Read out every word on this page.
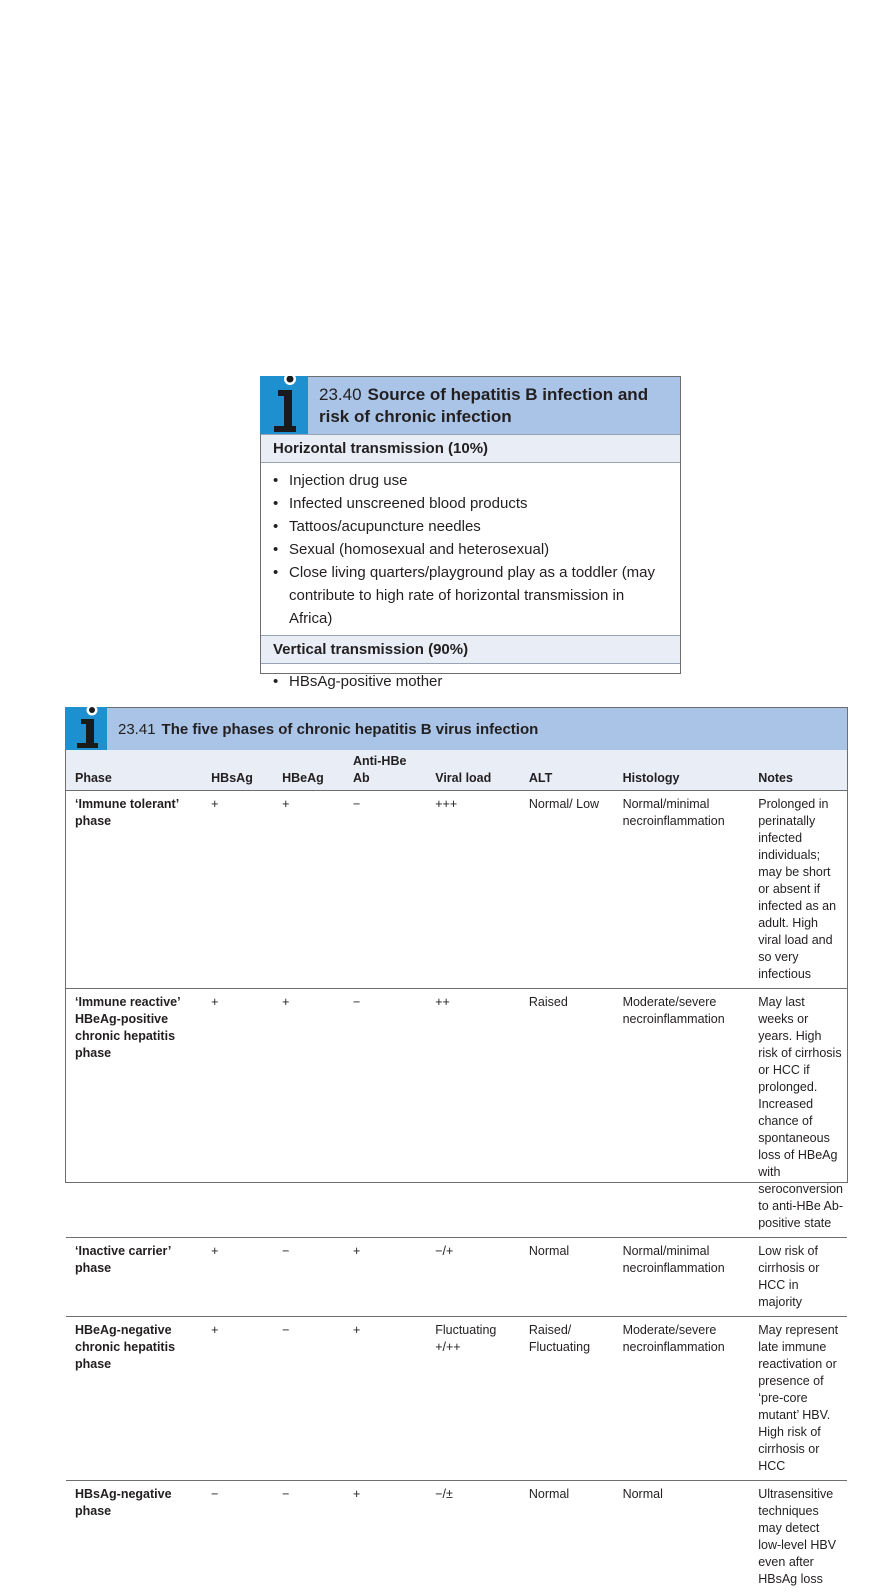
23.40 Source of hepatitis B infection and risk of chronic infection
Horizontal transmission (10%)
• Injection drug use
• Infected unscreened blood products
• Tattoos/acupuncture needles
• Sexual (homosexual and heterosexual)
• Close living quarters/playground play as a toddler (may contribute to high rate of horizontal transmission in Africa)
Vertical transmission (90%)
• HBsAg-positive mother
23.41 The five phases of chronic hepatitis B virus infection
Phase	HBsAg	HBeAg	Anti-HBe Ab	Viral load	ALT	Histology	Notes
‘Immune tolerant’ phase	+	+	−	+++	Normal/ Low	Normal/minimal necroinflammation	Prolonged in perinatally infected individuals; may be short or absent if infected as an adult. High viral load and so very infectious
‘Immune reactive’ HBeAg-positive chronic hepatitis phase	+	+	−	++	Raised	Moderate/severe necroinflammation	May last weeks or years. High risk of cirrhosis or HCC if prolonged. Increased chance of spontaneous loss of HBeAg with seroconversion to anti-HBe Ab-positive state
‘Inactive carrier’ phase	+	−	+	−/+	Normal	Normal/minimal necroinflammation	Low risk of cirrhosis or HCC in majority
HBeAg-negative chronic hepatitis phase	+	−	+	Fluctuating +/++	Raised/ Fluctuating	Moderate/severe necroinflammation	May represent late immune reactivation or presence of ‘pre-core mutant’ HBV. High risk of cirrhosis or HCC
HBsAg-negative phase	−	−	+	−/±	Normal	Normal	Ultrasensitive techniques may detect low-level HBV even after HBsAg loss
